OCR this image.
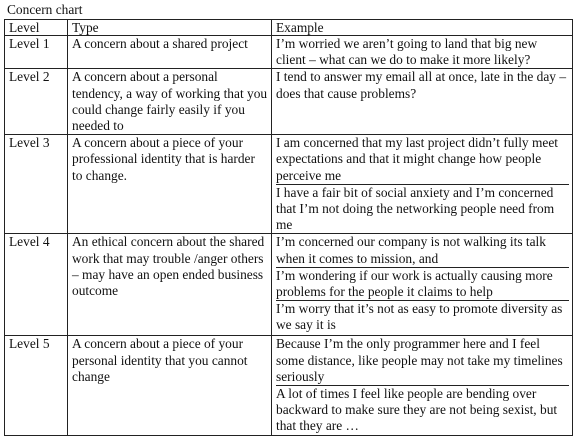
Concern chart
Level	Type	Example
Level 1	A concern about a shared project	I’m worried we aren’t going to land that big new client – what can we do to make it more likely?

Level 2	A concern about a personal tendency, a way of working that you could change fairly easily if you needed to	I tend to answer my email all at once, late in the day – does that cause problems?

Level 3	A concern about a piece of your professional identity that is harder to change.	I am concerned that my last project didn’t fully meet expectations and that it might change how people perceive me
I have a fair bit of social anxiety and I’m concerned that I’m not doing the networking people need from me

Level 4	An ethical concern about the shared work that may trouble /anger others – may have an open ended business outcome	I’m concerned our company is not walking its talk when it comes to mission, and
I’m wondering if our work is actually causing more problems for the people it claims to help
I’m worry that it’s not as easy to promote diversity as we say it is

Level 5	A concern about a piece of your personal identity that you cannot change	Because I’m the only programmer here and I feel some distance, like people may not take my timelines seriously
A lot of times I feel like people are bending over backward to make sure they are not being sexist, but that they are …
